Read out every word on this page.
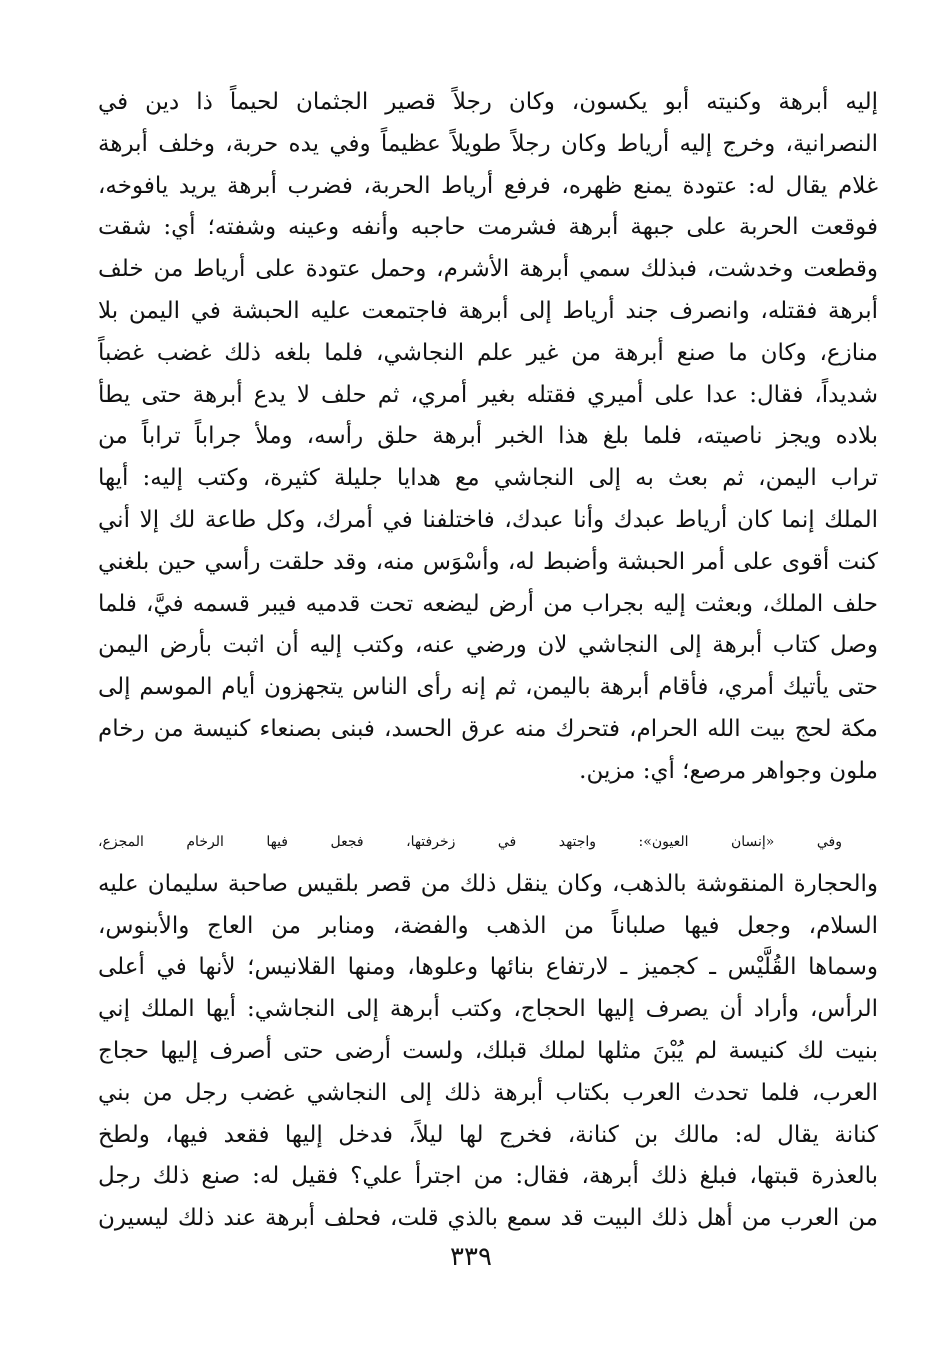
إليه أبرهة وكنيته أبو يكسون، وكان رجلاً قصير الجثمان لحيماً ذا دين في
النصرانية، وخرج إليه أرياط وكان رجلاً طويلاً عظيماً وفي يده حربة، وخلف أبرهة
غلام يقال له: عتودة يمنع ظهره، فرفع أرياط الحربة، فضرب أبرهة يريد يافوخه،
فوقعت الحربة على جبهة أبرهة فشرمت حاجبه وأنفه وعينه وشفته؛ أي: شقت
وقطعت وخدشت، فبذلك سمي أبرهة الأشرم، وحمل عتودة على أرياط من خلف
أبرهة فقتله، وانصرف جند أرياط إلى أبرهة فاجتمعت عليه الحبشة في اليمن بلا
منازع، وكان ما صنع أبرهة من غير علم النجاشي، فلما بلغه ذلك غضب غضباً
شديداً، فقال: عدا على أميري فقتله بغير أمري، ثم حلف لا يدع أبرهة حتى يطأ
بلاده ويجز ناصيته، فلما بلغ هذا الخبر أبرهة حلق رأسه، وملأ جراباً تراباً من
تراب اليمن، ثم بعث به إلى النجاشي مع هدايا جليلة كثيرة، وكتب إليه: أيها
الملك إنما كان أرياط عبدك وأنا عبدك، فاختلفنا في أمرك، وكل طاعة لك إلا أني
كنت أقوى على أمر الحبشة وأضبط له، وأسْوَس منه، وقد حلقت رأسي حين بلغني
حلف الملك، وبعثت إليه بجراب من أرض ليضعه تحت قدميه فيبر قسمه فيَّ، فلما
وصل كتاب أبرهة إلى النجاشي لان ورضي عنه، وكتب إليه أن اثبت بأرض اليمن
حتى يأتيك أمري، فأقام أبرهة باليمن، ثم إنه رأى الناس يتجهزون أيام الموسم إلى
مكة لحج بيت الله الحرام، فتحرك منه عرق الحسد، فبنى بصنعاء كنيسة من رخام
ملون وجواهر مرصع؛ أي: مزين.
وفي «إنسان العيون»: واجتهد في زخرفتها، فجعل فيها الرخام المجزع،
والحجارة المنقوشة بالذهب، وكان ينقل ذلك من قصر بلقيس صاحبة سليمان عليه
السلام، وجعل فيها صلباناً من الذهب والفضة، ومنابر من العاج والأبنوس،
وسماها القُلَّيْس ـ كجميز ـ لارتفاع بنائها وعلوها، ومنها القلانيس؛ لأنها في أعلى
الرأس، وأراد أن يصرف إليها الحجاج، وكتب أبرهة إلى النجاشي: أيها الملك إني
بنيت لك كنيسة لم يُبْنَ مثلها لملك قبلك، ولست أرضى حتى أصرف إليها حجاج
العرب، فلما تحدث العرب بكتاب أبرهة ذلك إلى النجاشي غضب رجل من بني
كنانة يقال له: مالك بن كنانة، فخرج لها ليلاً، فدخل إليها فقعد فيها، ولطخ
بالعذرة قبتها، فبلغ ذلك أبرهة، فقال: من اجترأ علي؟ فقيل له: صنع ذلك رجل
من العرب من أهل ذلك البيت قد سمع بالذي قلت، فحلف أبرهة عند ذلك ليسيرن
٣٣٩
